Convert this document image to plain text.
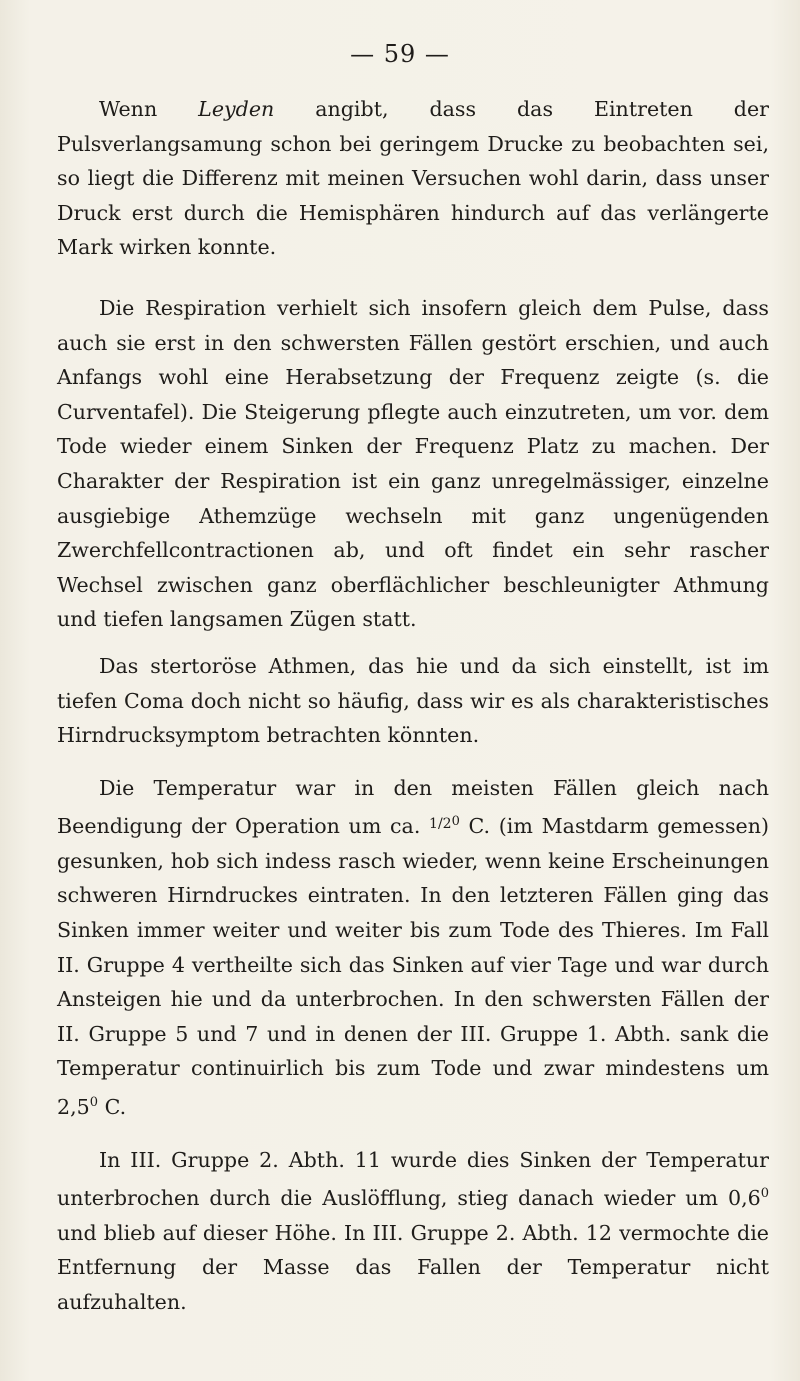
— 59 —

Wenn Leyden angibt, dass das Eintreten der Pulsverlangsamung schon bei geringem Drucke zu beobachten sei, so liegt die Differenz mit meinen Versuchen wohl darin, dass unser Druck erst durch die Hemisphären hindurch auf das verlängerte Mark wirken konnte.

Die Respiration verhielt sich insofern gleich dem Pulse, dass auch sie erst in den schwersten Fällen gestört erschien, und auch Anfangs wohl eine Herabsetzung der Frequenz zeigte (s. die Curventafel). Die Steigerung pflegte auch einzutreten, um vor. dem Tode wieder einem Sinken der Frequenz Platz zu machen. Der Charakter der Respiration ist ein ganz unregelmässiger, einzelne ausgiebige Athemzüge wechseln mit ganz ungenügenden Zwerchfellcontractionen ab, und oft findet ein sehr rascher Wechsel zwischen ganz oberflächlicher beschleunigter Athmung und tiefen langsamen Zügen statt.

Das stertoröse Athmen, das hie und da sich einstellt, ist im tiefen Coma doch nicht so häufig, dass wir es als charakteristisches Hirndrucksymptom betrachten könnten.

Die Temperatur war in den meisten Fällen gleich nach Beendigung der Operation um ca. $^{1/20}$ C. (im Mastdarm gemessen) gesunken, hob sich indess rasch wieder, wenn keine Erscheinungen schweren Hirndruckes eintraten. In den letzteren Fällen ging das Sinken immer weiter und weiter bis zum Tode des Thieres. Im Fall II. Gruppe 4 vertheilte sich das Sinken auf vier Tage und war durch Ansteigen hie und da unterbrochen. In den schwersten Fällen der II. Gruppe 5 und 7 und in denen der III. Gruppe 1. Abth. sank die Temperatur continuirlich bis zum Tode und zwar mindestens um $2,5^0$ C.

In III. Gruppe 2. Abth. 11 wurde dies Sinken der Temperatur unterbrochen durch die Auslöfflung, stieg danach wieder um $0,6^0$ und blieb auf dieser Höhe. In III. Gruppe 2. Abth. 12 vermochte die Entfernung der Masse das Fallen der Temperatur nicht aufzuhalten.
